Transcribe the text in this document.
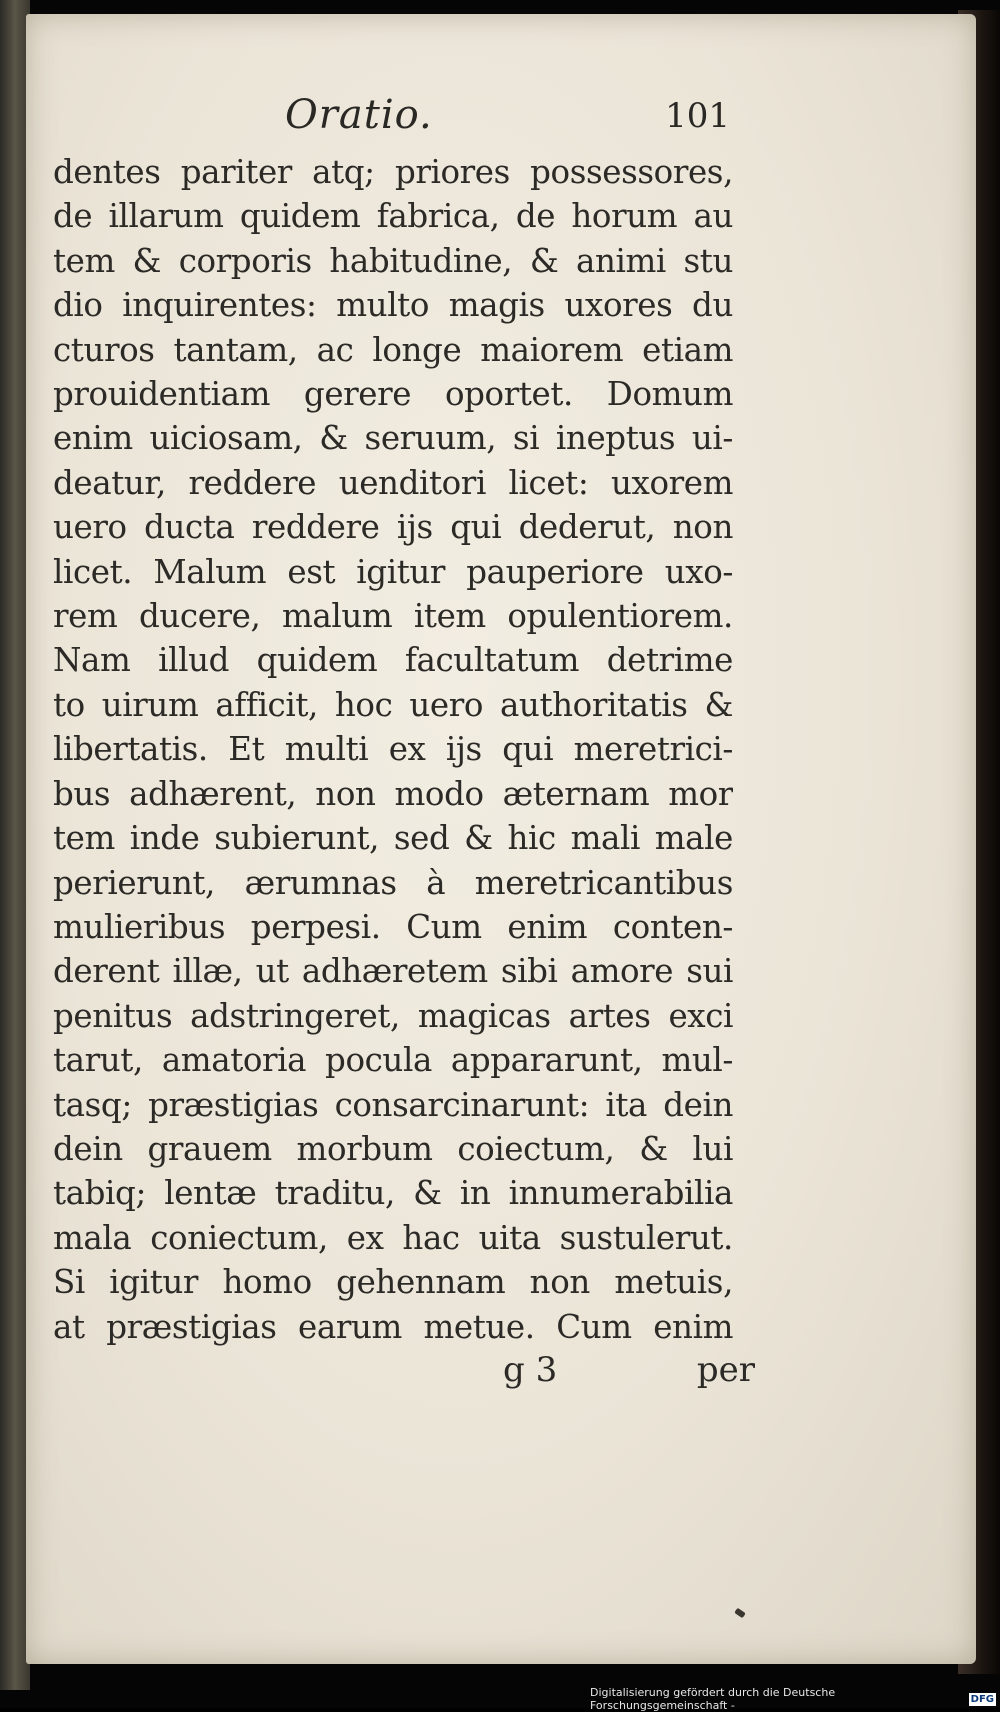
Oratio.	101
dentes pariter atq; priores possessores,
de illarum quidem fabrica, de horum au
tem & corporis habitudine, & animi stu
dio inquirentes: multo magis uxores du
cturos tantam, ac longe maiorem etiam
prouidentiam gerere oportet. Domum
enim uiciosam, & seruum, si ineptus ui-
deatur, reddere uenditori licet: uxorem
uero ducta reddere ijs qui dederut, non
licet. Malum est igitur pauperiore uxo-
rem ducere, malum item opulentiorem.
Nam illud quidem facultatum detrime
to uirum afficit, hoc uero authoritatis &
libertatis. Et multi ex ijs qui meretrici-
bus adhærent, non modo æternam mor
tem inde subierunt, sed & hic mali male
perierunt, ærumnas à meretricantibus
mulieribus perpesi. Cum enim conten-
derent illæ, ut adhæretem sibi amore sui
penitus adstringeret, magicas artes exci
tarut, amatoria pocula appararunt, mul-
tasq; præstigias consarcinarunt: ita dein
dein grauem morbum coiectum, & lui
tabiq; lentæ traditu, & in innumerabilia
mala coniectum, ex hac uita sustulerut.
Si igitur homo gehennam non metuis,
at præstigias earum metue. Cum enim
g 3	per
Digitalisierung gefördert durch die Deutsche Forschungsgemeinschaft -	DFG
